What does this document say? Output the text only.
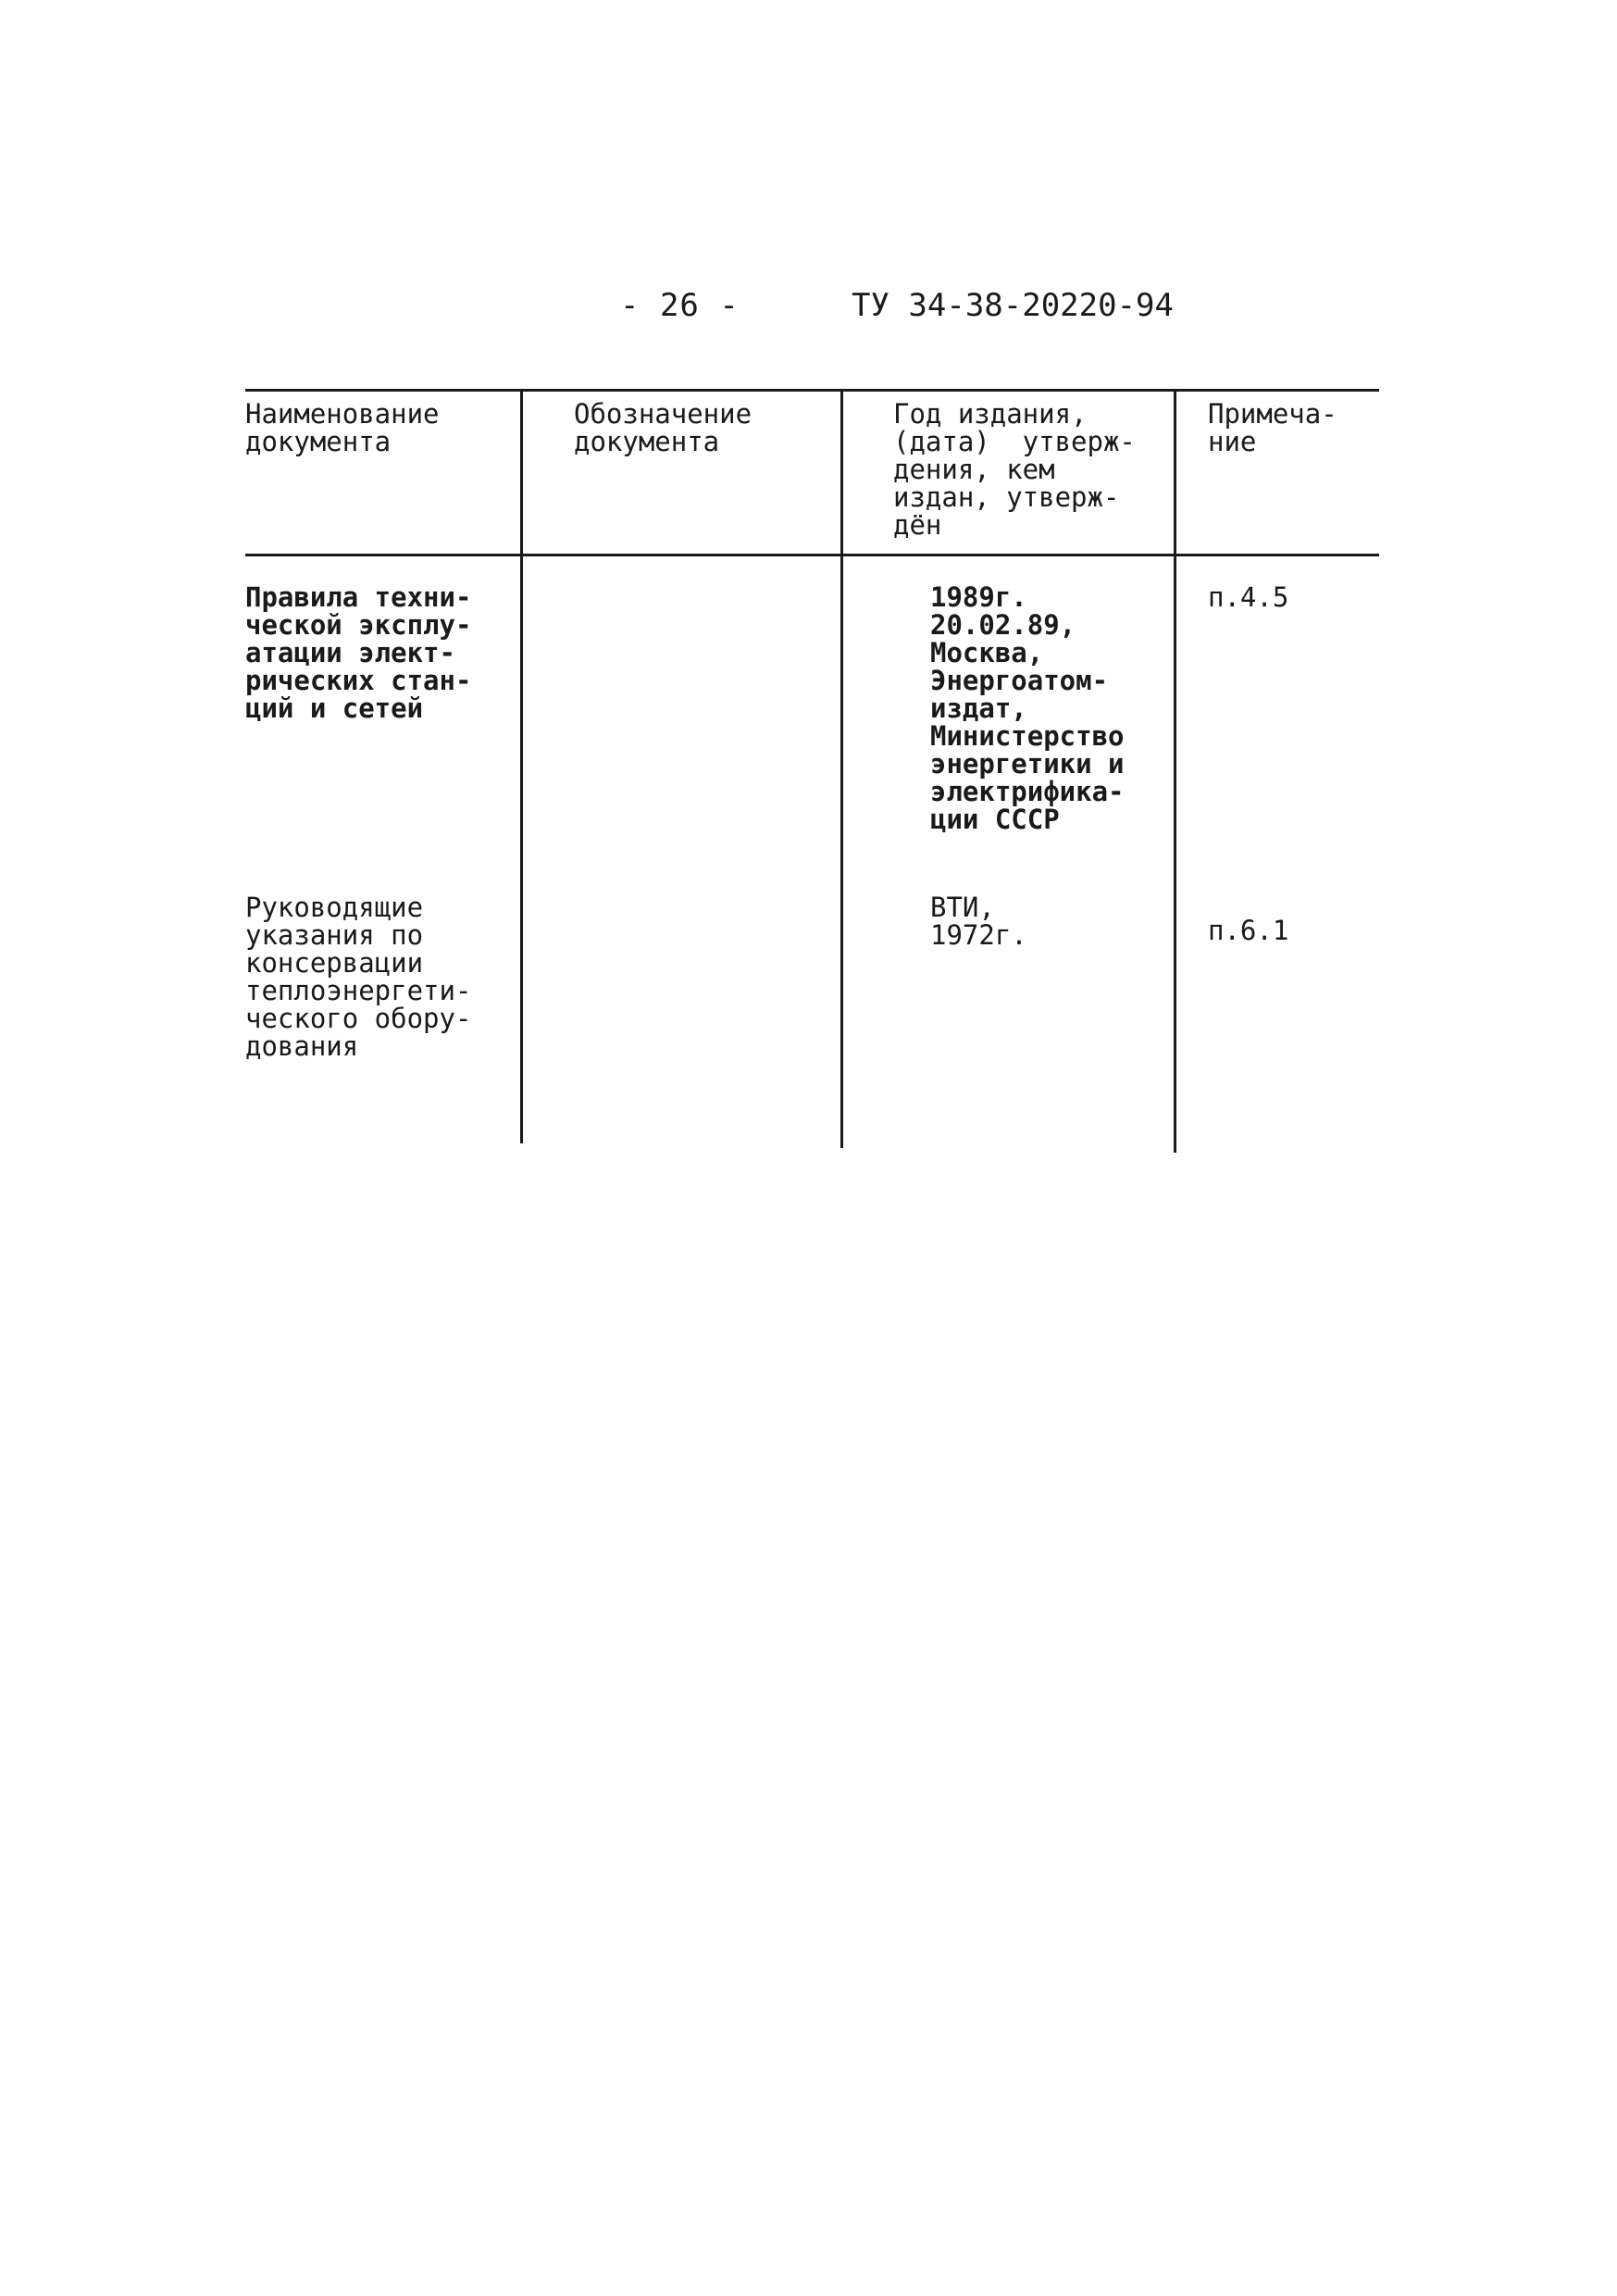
- 26 -	ТУ 34-38-20220-94
Наименование
документа
Обозначение
документа
Год издания,
(дата)  утверж-
дения, кем
издан, утверж-
дён
Примеча-
ние
Правила техни-
ческой эксплу-
атации элект-
рических стан-
ций и сетей
1989г.
20.02.89,
Москва,
Энергоатом-
издат,
Министерство
энергетики и
электрифика-
ции СССР
п.4.5
Руководящие
указания по
консервации
теплоэнергети-
ческого обору-
дования
ВТИ,
1972г.	п.6.1
